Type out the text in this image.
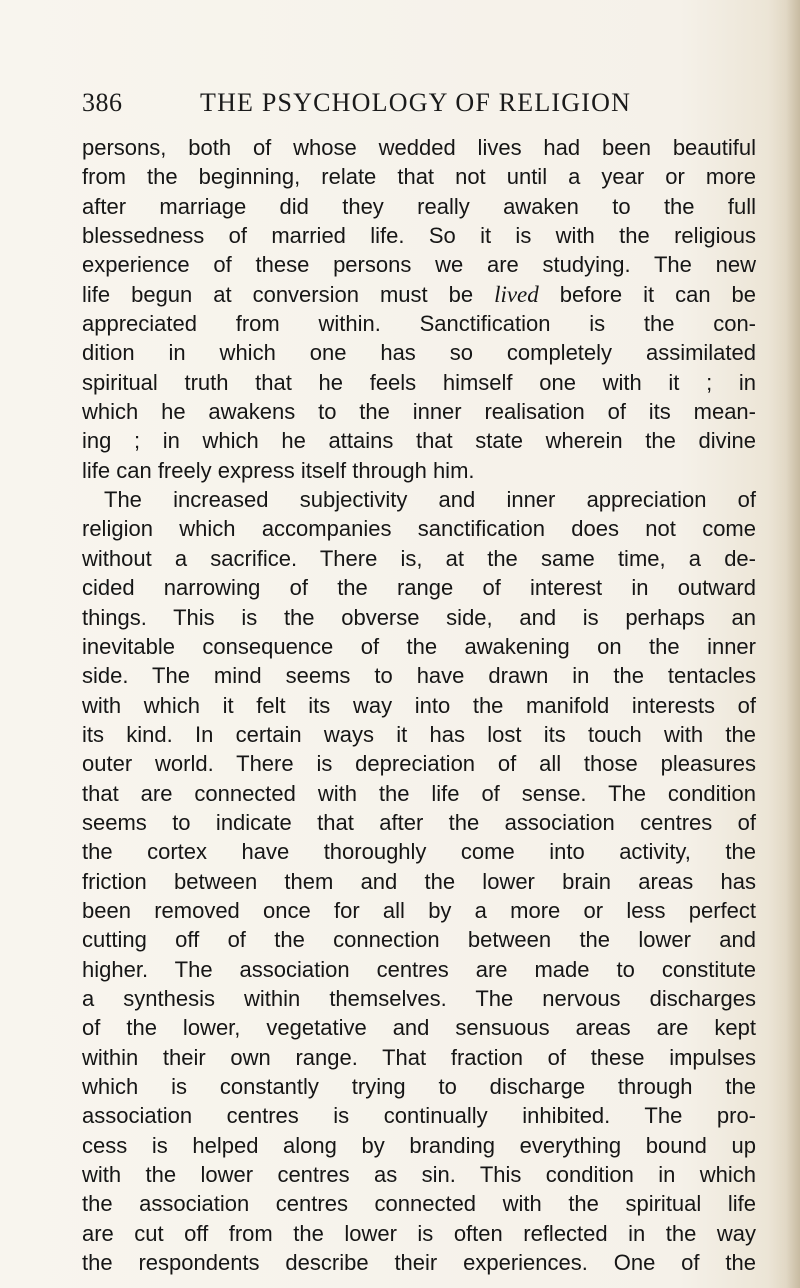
386	THE PSYCHOLOGY OF RELIGION
persons, both of whose wedded lives had been beautiful
from the beginning, relate that not until a year or more
after marriage did they really awaken to the full
blessedness of married life. So it is with the religious
experience of these persons we are studying. The new
life begun at conversion must be lived before it can be
appreciated from within. Sanctification is the con-
dition in which one has so completely assimilated
spiritual truth that he feels himself one with it ; in
which he awakens to the inner realisation of its mean-
ing ; in which he attains that state wherein the divine
life can freely express itself through him.
The increased subjectivity and inner appreciation of
religion which accompanies sanctification does not come
without a sacrifice. There is, at the same time, a de-
cided narrowing of the range of interest in outward
things. This is the obverse side, and is perhaps an
inevitable consequence of the awakening on the inner
side. The mind seems to have drawn in the tentacles
with which it felt its way into the manifold interests of
its kind. In certain ways it has lost its touch with the
outer world. There is depreciation of all those pleasures
that are connected with the life of sense. The condition
seems to indicate that after the association centres of
the cortex have thoroughly come into activity, the
friction between them and the lower brain areas has
been removed once for all by a more or less perfect
cutting off of the connection between the lower and
higher. The association centres are made to constitute
a synthesis within themselves. The nervous discharges
of the lower, vegetative and sensuous areas are kept
within their own range. That fraction of these impulses
which is constantly trying to discharge through the
association centres is continually inhibited. The pro-
cess is helped along by branding everything bound up
with the lower centres as sin. This condition in which
the association centres connected with the spiritual life
are cut off from the lower is often reflected in the way
the respondents describe their experiences. One of the
